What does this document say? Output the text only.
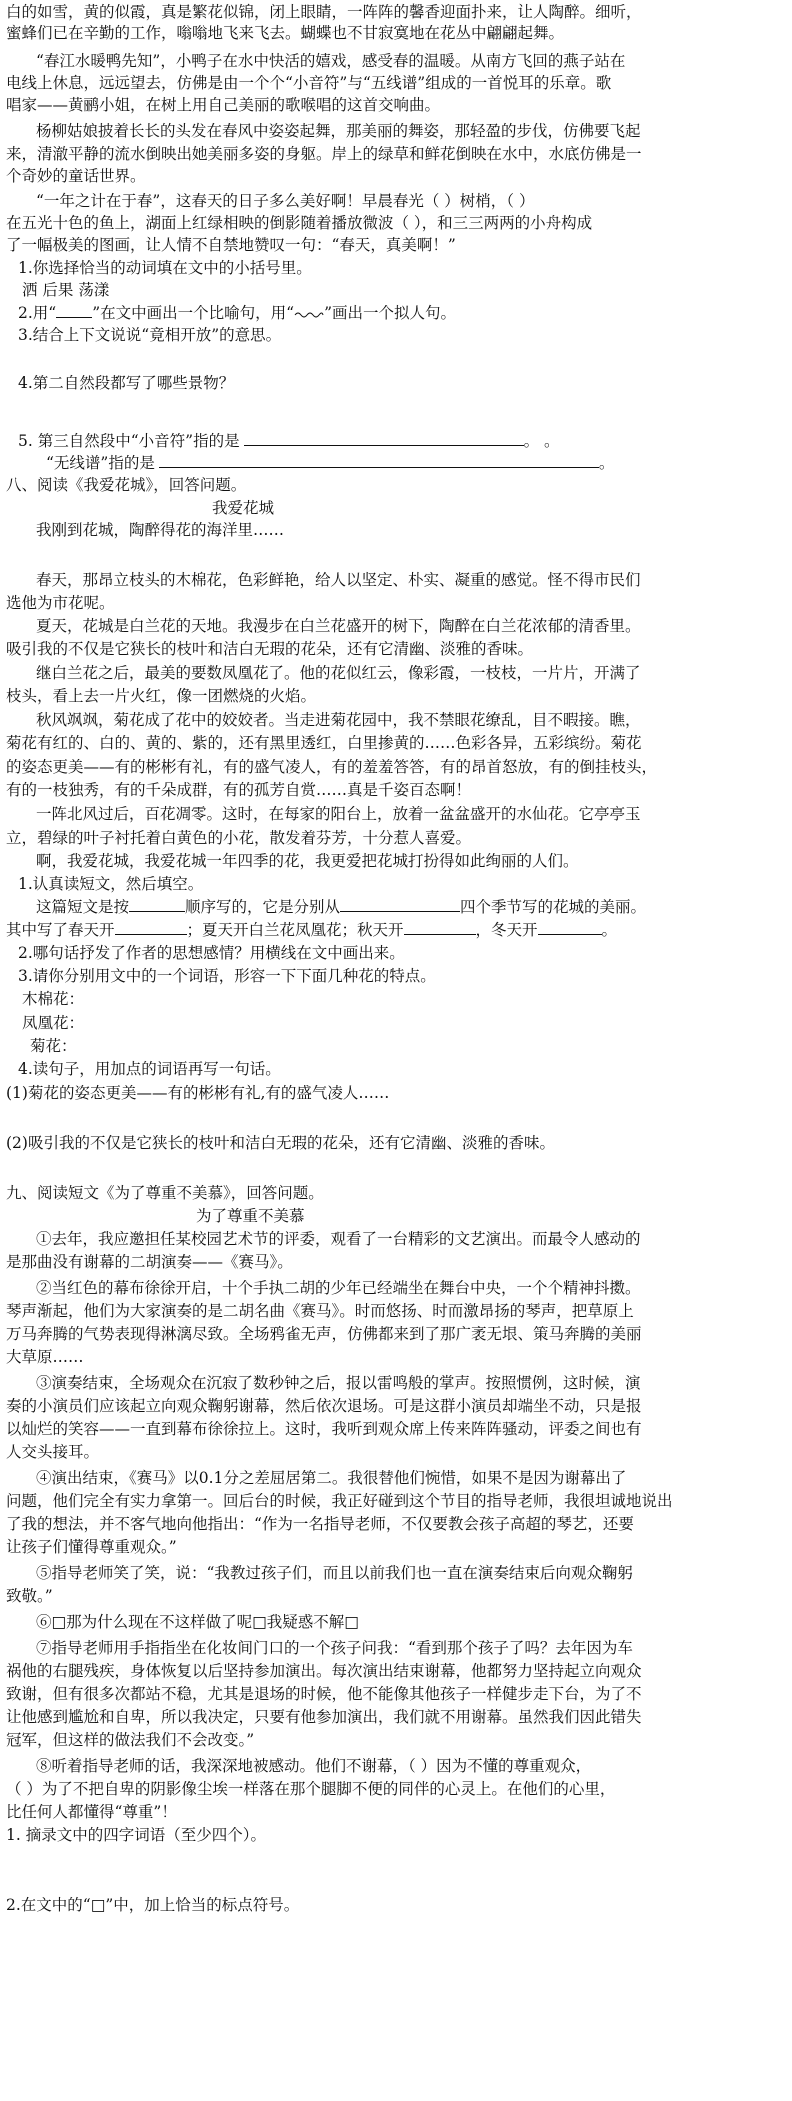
白的如雪，黄的似霞，真是繁花似锦，闭上眼睛，一阵阵的馨香迎面扑来，让人陶醉。细听，
蜜蜂们已在辛勤的工作，嗡嗡地飞来飞去。蝴蝶也不甘寂寞地在花丛中翩翩起舞。
“春江水暖鸭先知”，小鸭子在水中快活的嬉戏，感受春的温暖。从南方飞回的燕子站在
电线上休息，远远望去，仿佛是由一个个“小音符”与“五线谱”组成的一首悦耳的乐章。歌
唱家——黄鹂小姐，在树上用自己美丽的歌喉唱的这首交响曲。
杨柳姑娘披着长长的头发在春风中姿姿起舞，那美丽的舞姿，那轻盈的步伐，仿佛要飞起
来，清澈平静的流水倒映出她美丽多姿的身躯。岸上的绿草和鲜花倒映在水中，水底仿佛是一
个奇妙的童话世界。
“一年之计在于春”，这春天的日子多么美好啊！早晨春光（ ）树梢，（ ）
在五光十色的鱼上，湖面上红绿相映的倒影随着播放微波（ ），和三三两两的小舟构成
了一幅极美的图画，让人情不自禁地赞叹一句：“春天，真美啊！”
1.你选择恰当的动词填在文中的小括号里。
洒 后果 荡漾
2.用“ ”在文中画出一个比喻句，用“ ”画出一个拟人句。
3.结合上下文说说“竟相开放”的意思。
4.第二自然段都写了哪些景物？
5. 第三自然段中“小音符”指的是	。 。
“无线谱”指的是	。
八、阅读《我爱花城》，回答问题。
我爱花城
我刚到花城，陶醉得花的海洋里……
春天，那昂立枝头的木棉花，色彩鲜艳，给人以坚定、朴实、凝重的感觉。怪不得市民们
选他为市花呢。
夏天，花城是白兰花的天地。我漫步在白兰花盛开的树下，陶醉在白兰花浓郁的清香里。
吸引我的不仅是它狭长的枝叶和洁白无瑕的花朵，还有它清幽、淡雅的香味。
继白兰花之后，最美的要数凤凰花了。他的花似红云，像彩霞，一枝枝，一片片，开满了
枝头，看上去一片火红，像一团燃烧的火焰。
秋风飒飒，菊花成了花中的姣姣者。当走进菊花园中，我不禁眼花缭乱，目不暇接。瞧，
菊花有红的、白的、黄的、紫的，还有黑里透红，白里掺黄的……色彩各异，五彩缤纷。菊花
的姿态更美——有的彬彬有礼，有的盛气凌人，有的羞羞答答，有的昂首怒放，有的倒挂枝头，
有的一枝独秀，有的千朵成群，有的孤芳自赏……真是千姿百态啊！
一阵北风过后，百花凋零。这时，在每家的阳台上，放着一盆盆盛开的水仙花。它亭亭玉
立，碧绿的叶子衬托着白黄色的小花，散发着芬芳，十分惹人喜爱。
啊，我爱花城，我爱花城一年四季的花，我更爱把花城打扮得如此绚丽的人们。
1.认真读短文，然后填空。
这篇短文是按	顺序写的，它是分别从	四个季节写的花城的美丽。
其中写了春天开	；夏天开白兰花凤凰花；秋天开	，冬天开	。
2.哪句话抒发了作者的思想感情？用横线在文中画出来。
3.请你分别用文中的一个词语，形容一下下面几种花的特点。
木棉花：
凤凰花：
菊花：
4.读句子，用加点的词语再写一句话。
(1)菊花的姿态更美——有的彬彬有礼,有的盛气凌人……
(2)吸引我的不仅是它狭长的枝叶和洁白无瑕的花朵，还有它清幽、淡雅的香味。
九、阅读短文《为了尊重不美慕》，回答问题。
为了尊重不美慕
①去年，我应邀担任某校园艺术节的评委，观看了一台精彩的文艺演出。而最令人感动的
是那曲没有谢幕的二胡演奏——《赛马》。
②当红色的幕布徐徐开启，十个手执二胡的少年已经端坐在舞台中央，一个个精神抖擞。
琴声渐起，他们为大家演奏的是二胡名曲《赛马》。时而悠扬、时而激昂扬的琴声，把草原上
万马奔腾的气势表现得淋漓尽致。全场鸦雀无声，仿佛都来到了那广袤无垠、策马奔腾的美丽
大草原……
③演奏结束，全场观众在沉寂了数秒钟之后，报以雷鸣般的掌声。按照惯例，这时候，演
奏的小演员们应该起立向观众鞠躬谢幕，然后依次退场。可是这群小演员却端坐不动，只是报
以灿烂的笑容——一直到幕布徐徐拉上。这时，我听到观众席上传来阵阵骚动，评委之间也有
人交头接耳。
④演出结束，《赛马》以0.1分之差屈居第二。我很替他们惋惜，如果不是因为谢幕出了
问题，他们完全有实力拿第一。回后台的时候，我正好碰到这个节目的指导老师，我很坦诚地说出
了我的想法，并不客气地向他指出：“作为一名指导老师，不仅要教会孩子高超的琴艺，还要
让孩子们懂得尊重观众。”
⑤指导老师笑了笑，说：“我教过孩子们，而且以前我们也一直在演奏结束后向观众鞠躬
致敬。”
⑥□那为什么现在不这样做了呢□我疑惑不解□
⑦指导老师用手指指坐在化妆间门口的一个孩子问我：“看到那个孩子了吗？去年因为车
祸他的右腿残疾，身体恢复以后坚持参加演出。每次演出结束谢幕，他都努力坚持起立向观众
致谢，但有很多次都站不稳，尤其是退场的时候，他不能像其他孩子一样健步走下台，为了不
让他感到尴尬和自卑，所以我决定，只要有他参加演出，我们就不用谢幕。虽然我们因此错失
冠军，但这样的做法我们不会改变。”
⑧听着指导老师的话，我深深地被感动。他们不谢幕，（ ）因为不懂的尊重观众，
（ ）为了不把自卑的阴影像尘埃一样落在那个腿脚不便的同伴的心灵上。在他们的心里，
比任何人都懂得“尊重”！
1. 摘录文中的四字词语（至少四个）。
2.在文中的“□”中，加上恰当的标点符号。
